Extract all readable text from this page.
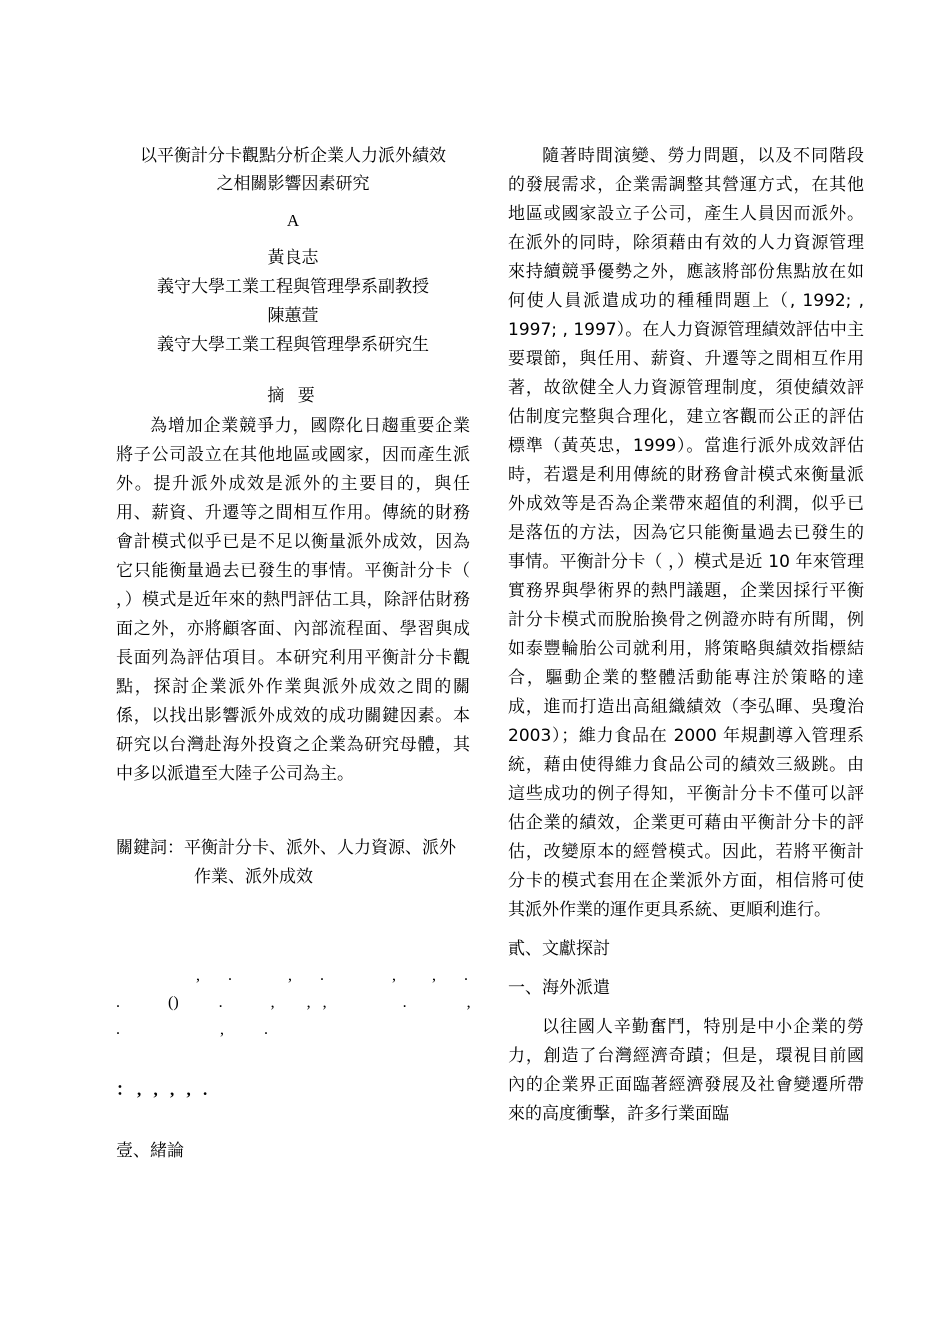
以平衡計分卡觀點分析企業人力派外績效
之相關影響因素研究
A
黃良志
義守大學工業工程與管理學系副教授
陳蕙萱
義守大學工業工程與管理學系研究生
摘 要
為增加企業競爭力，國際化日趨重要企業將子公司設立在其他地區或國家，因而產生派外。提升派外成效是派外的主要目的，與任用、薪資、升遷等之間相互作用。傳統的財務會計模式似乎已是不足以衡量派外成效，因為它只能衡量過去已發生的事情。平衡計分卡（ ，）模式是近年來的熱門評估工具，除評估財務面之外，亦將顧客面、內部流程面、學習與成長面列為評估項目。本研究利用平衡計分卡觀點，探討企業派外作業與派外成效之間的關係，以找出影響派外成效的成功關鍵因素。本研究以台灣赴海外投資之企業為研究母體，其中多以派遣至大陸子公司為主。
關鍵詞：平衡計分卡、派外、人力資源、派外作業、派外成效
,       .              ,       .                 ,         ,       .
.            ()          .            ,        ,   ,                   .               ,
.                         ,          .
：, , , , .
壹、緒論
隨著時間演變、勞力問題，以及不同階段的發展需求，企業需調整其營運方式，在其他地區或國家設立子公司，產生人員因而派外。在派外的同時，除須藉由有效的人力資源管理來持續競爭優勢之外，應該將部份焦點放在如何使人員派遣成功的種種問題上（, 1992; , 1997; , 1997）。在人力資源管理績效評估中主要環節，與任用、薪資、升遷等之間相互作用著，故欲健全人力資源管理制度，須使績效評估制度完整與合理化，建立客觀而公正的評估標準（黃英忠，1999）。當進行派外成效評估時，若還是利用傳統的財務會計模式來衡量派外成效等是否為企業帶來超值的利潤，似乎已是落伍的方法，因為它只能衡量過去已發生的事情。平衡計分卡（ ，）模式是近 10 年來管理實務界與學術界的熱門議題，企業因採行平衡計分卡模式而脫胎換骨之例證亦時有所聞，例如泰豐輪胎公司就利用，將策略與績效指標結合，驅動企業的整體活動能專注於策略的達成，進而打造出高組織績效（李弘暉、吳瓊治 2003）；維力食品在 2000 年規劃導入管理系統，藉由使得維力食品公司的績效三級跳。由這些成功的例子得知，平衡計分卡不僅可以評估企業的績效，企業更可藉由平衡計分卡的評估，改變原本的經營模式。因此，若將平衡計分卡的模式套用在企業派外方面，相信將可使其派外作業的運作更具系統、更順利進行。
貳、文獻探討
一、海外派遣
以往國人辛勤奮鬥，特別是中小企業的勞力，創造了台灣經濟奇蹟；但是，環視目前國內的企業界正面臨著經濟發展及社會變遷所帶來的高度衝擊，許多行業面臨
